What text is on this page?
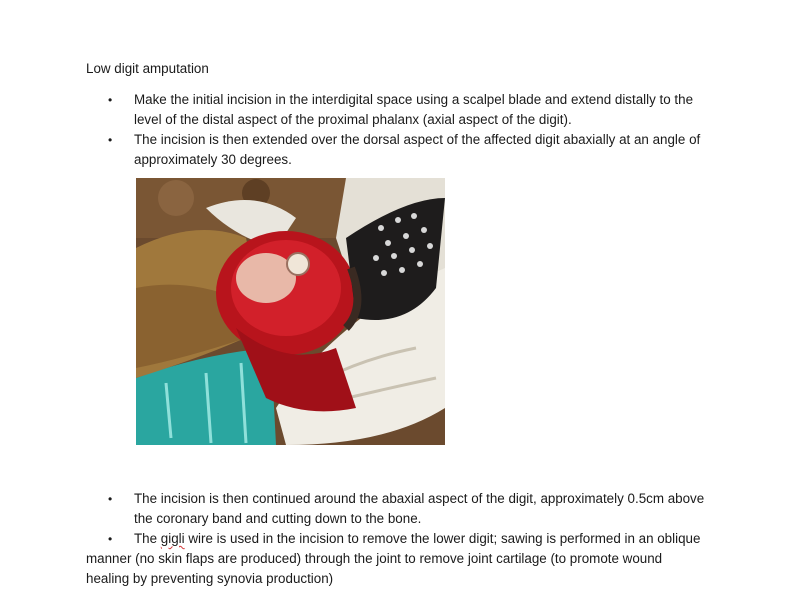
Low digit amputation
• Make the initial incision in the interdigital space using a scalpel blade and extend distally to the level of the distal aspect of the proximal phalanx (axial aspect of the digit).
• The incision is then extended over the dorsal aspect of the affected digit abaxially at an angle of approximately 30 degrees.
• The incision is then continued around the abaxial aspect of the digit, approximately 0.5cm above the coronary band and cutting down to the bone.
• The gigli wire is used in the incision to remove the lower digit; sawing is performed in an oblique manner (no skin flaps are produced) through the joint to remove joint cartilage (to promote wound healing by preventing synovia production)
